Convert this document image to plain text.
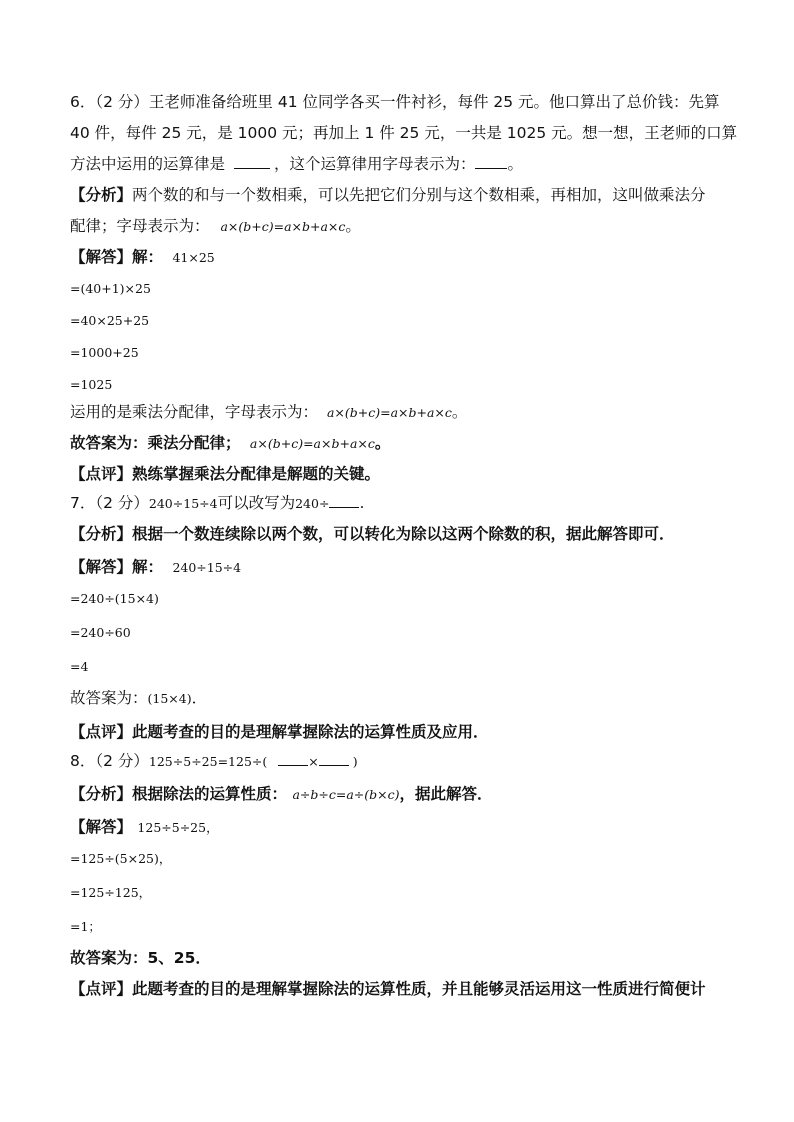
6．（2 分）王老师准备给班里 41 位同学各买一件衬衫，每件 25 元。他口算出了总价钱：先算

40 件，每件 25 元，是 1000 元；再加上 1 件 25 元，一共是 1025 元。想一想，王老师的口算

方法中运用的运算律是	，这个运算律用字母表示为： 。

【分析】两个数的和与一个数相乘，可以先把它们分别与这个数相乘，再相加，这叫做乘法分

配律；字母表示为： a×(b+c)=a×b+a×c。

【解答】解： 41×25

=(40+1)×25

=40×25+25

=1000+25

=1025

运用的是乘法分配律，字母表示为： a×(b+c)=a×b+a×c。

故答案为：乘法分配律； a×(b+c)=a×b+a×c。

【点评】熟练掌握乘法分配律是解题的关键。

7．（2 分）240÷15÷4可以改写为240÷ .

【分析】根据一个数连续除以两个数，可以转化为除以这两个除数的积，据此解答即可．

【解答】解： 240÷15÷4

=240÷(15×4)

=240÷60

=4

故答案为：(15×4)．

【点评】此题考查的目的是理解掌握除法的运算性质及应用．

8．（2 分）125÷5÷25=125÷(	×	)

【分析】根据除法的运算性质： a÷b÷c=a÷(b×c)，据此解答．

【解答】 125÷5÷25，

=125÷(5×25)，

=125÷125，

=1；

故答案为：5、25．

【点评】此题考查的目的是理解掌握除法的运算性质，并且能够灵活运用这一性质进行简便计
